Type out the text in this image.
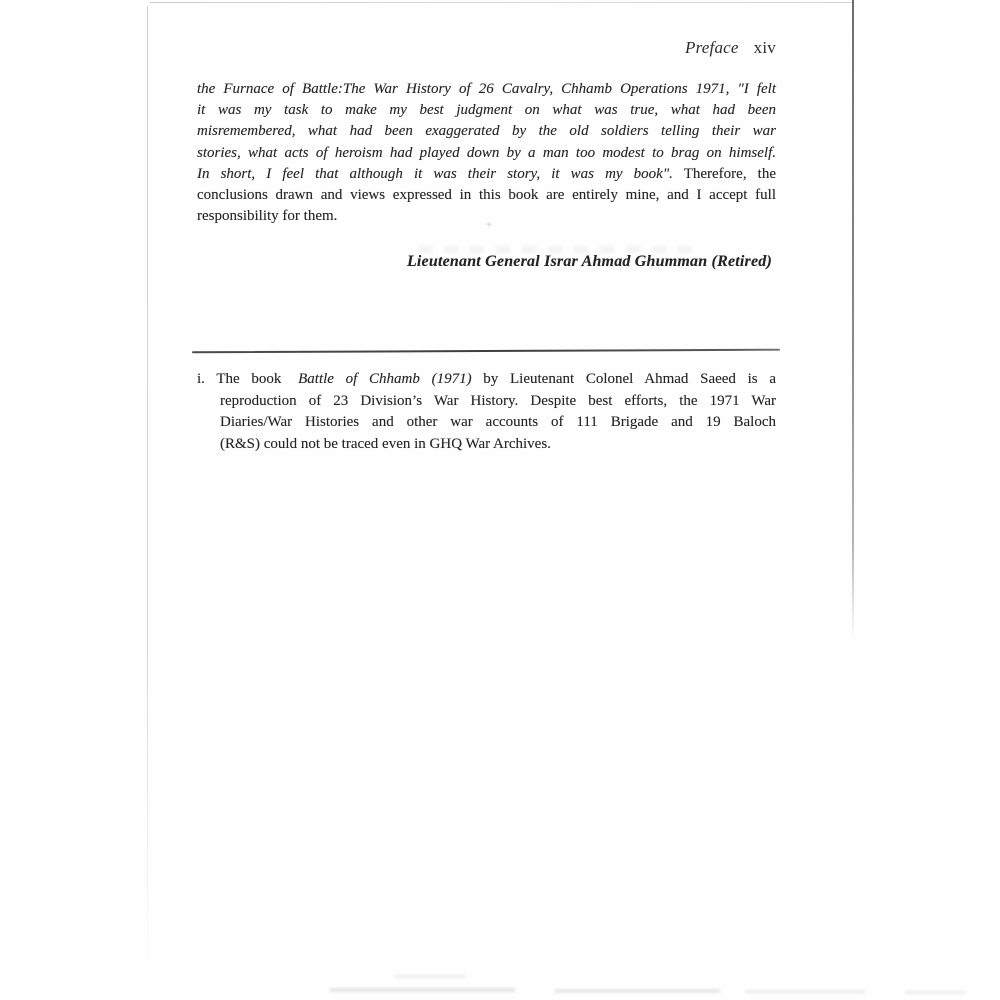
Preface xiv
the Furnace of Battle:The War History of 26 Cavalry, Chhamb Operations 1971, "I felt
it was my task to make my best judgment on what was true, what had been
misremembered, what had been exaggerated by the old soldiers telling their war
stories, what acts of heroism had played down by a man too modest to brag on himself.
In short, I feel that although it was their story, it was my book". Therefore, the
conclusions drawn and views expressed in this book are entirely mine, and I accept full
responsibility for them.
Lieutenant General Israr Ahmad Ghumman (Retired)
i. The book Battle of Chhamb (1971) by Lieutenant Colonel Ahmad Saeed is a
reproduction of 23 Division’s War History. Despite best efforts, the 1971 War
Diaries/War Histories and other war accounts of 111 Brigade and 19 Baloch
(R&S) could not be traced even in GHQ War Archives.
+
